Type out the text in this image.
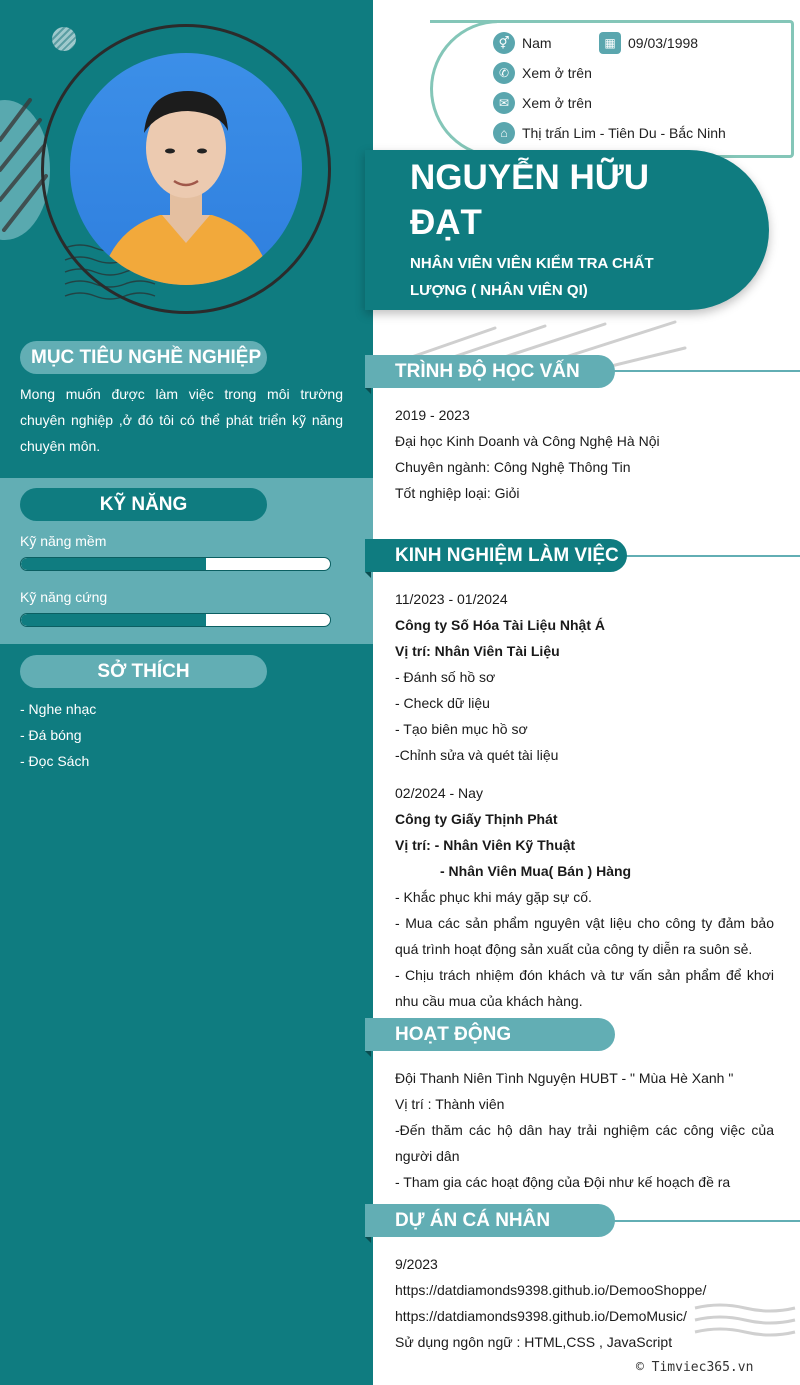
MỤC TIÊU NGHỀ NGHIỆP
Mong muốn được làm việc trong môi trường chuyên nghiệp ,ở đó tôi có thể phát triển kỹ năng chuyên môn.
KỸ NĂNG
Kỹ năng mềm
Kỹ năng cứng
SỞ THÍCH

- Nghe nhạc

- Đá bóng

- Đọc Sách

⚥ Nam	▦ 09/03/1998
✆ Xem ở trên
✉ Xem ở trên
⌂	Thị trấn Lim - Tiên Du - Bắc Ninh
NGUYỄN HỮU
ĐẠT
NHÂN VIÊN VIÊN KIỂM TRA CHẤT
LƯỢNG ( NHÂN VIÊN QI)
TRÌNH ĐỘ HỌC VẤN

2019 - 2023

Đại học Kinh Doanh và Công Nghệ Hà Nội

Chuyên ngành: Công Nghệ Thông Tin

Tốt nghiệp loại: Giỏi

KINH NGHIỆM LÀM VIỆC

11/2023 - 01/2024

Công ty Số Hóa Tài Liệu Nhật Á

Vị trí: Nhân Viên Tài Liệu

- Đánh số hồ sơ

- Check dữ liệu

- Tạo biên mục hồ sơ

-Chỉnh sửa và quét tài liệu

02/2024 - Nay

Công ty Giấy Thịnh Phát

Vị trí: - Nhân Viên Kỹ Thuật

- Nhân Viên Mua( Bán ) Hàng

- Khắc phục khi máy gặp sự cố.

- Mua các sản phẩm nguyên vật liệu cho công ty đảm bảo quá trình hoạt động sản xuất của công ty diễn ra suôn sẻ.

- Chịu trách nhiệm đón khách và tư vấn sản phẩm để khơi nhu cầu mua của khách hàng.

HOẠT ĐỘNG

Đội Thanh Niên Tình Nguyện HUBT - " Mùa Hè Xanh "

Vị trí : Thành viên

-Đến thăm các hộ dân hay trải nghiệm các công việc của người dân

- Tham gia các hoạt động của Đội như kế hoạch đề ra

DỰ ÁN CÁ NHÂN

9/2023

https://datdiamonds9398.github.io/DemooShoppe/

https://datdiamonds9398.github.io/DemoMusic/

Sử dụng ngôn ngữ : HTML,CSS , JavaScript

© Timviec365.vn
